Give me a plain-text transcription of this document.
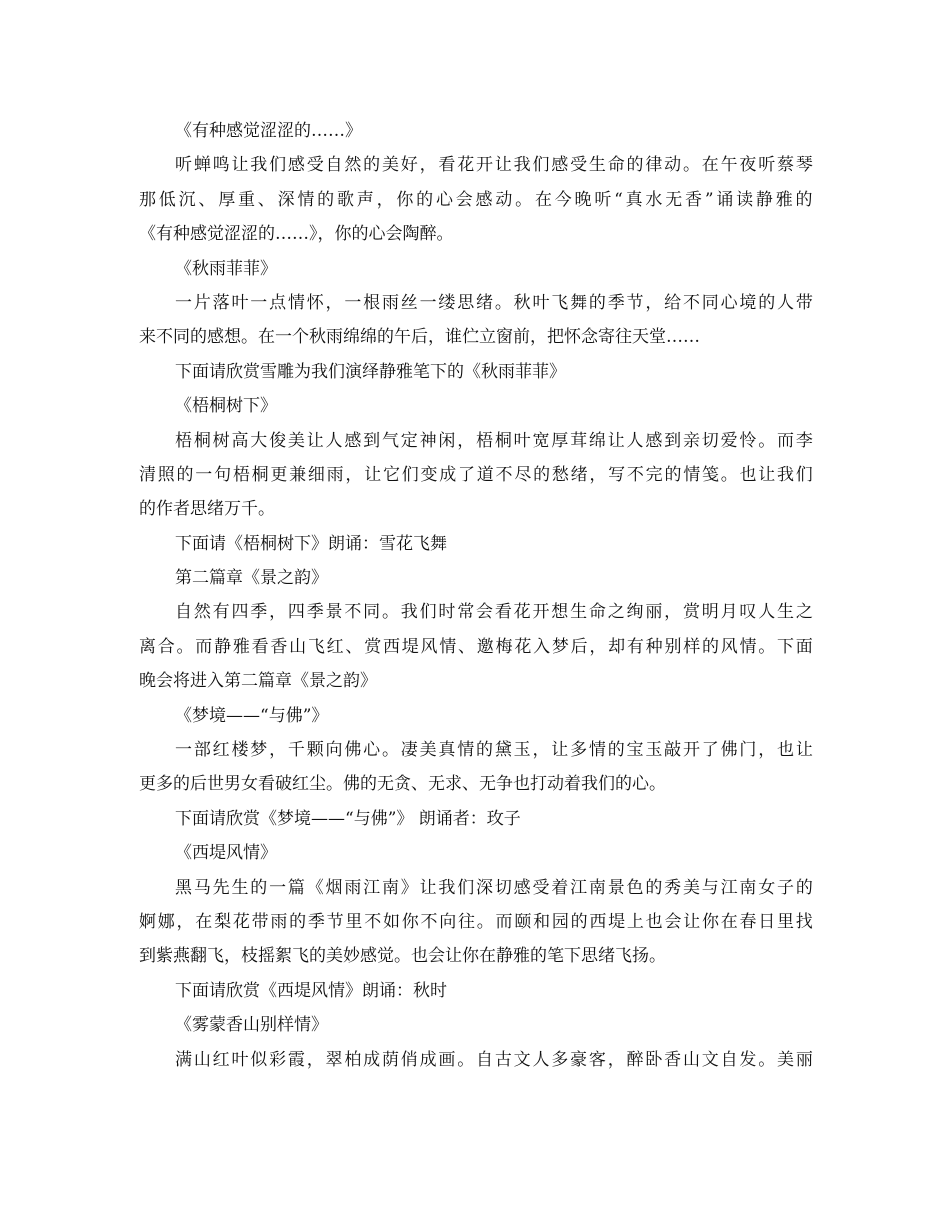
《有种感觉涩涩的……》
听 蝉 鸣 让 我 们 感 受 自 然 的 美 好 ， 看 花 开 让 我 们 感 受 生 命 的 律 动 。 在 午 夜 听 蔡 琴
那 低 沉 、 厚 重 、 深 情 的 歌 声 ， 你 的 心 会 感 动 。 在 今 晚 听 “ 真 水 无 香 ” 诵 读 静 雅 的
《有种感觉涩涩的……》，你的心会陶醉。
《秋雨菲菲》
一 片 落 叶 一 点 情 怀 ， 一 根 雨 丝 一 缕 思 绪 。 秋 叶 飞 舞 的 季 节 ， 给 不 同 心 境 的 人 带
来不同的感想。在一个秋雨绵绵的午后，谁伫立窗前，把怀念寄往天堂……
下面请欣赏雪雕为我们演绎静雅笔下的《秋雨菲菲》
《梧桐树下》
梧 桐 树 高 大 俊 美 让 人 感 到 气 定 神 闲 ， 梧 桐 叶 宽 厚 茸 绵 让 人 感 到 亲 切 爱 怜 。 而 李
清 照 的 一 句 梧 桐 更 兼 细 雨 ， 让 它 们 变 成 了 道 不 尽 的 愁 绪 ， 写 不 完 的 情 笺 。 也 让 我 们
的作者思绪万千。
下面请《梧桐树下》朗诵：雪花飞舞
第二篇章《景之韵》
自 然 有 四 季 ， 四 季 景 不 同 。 我 们 时 常 会 看 花 开 想 生 命 之 绚 丽 ， 赏 明 月 叹 人 生 之
离 合 。 而 静 雅 看 香 山 飞 红 、 赏 西 堤 风 情 、 邀 梅 花 入 梦 后 ， 却 有 种 别 样 的 风 情 。 下 面
晚会将进入第二篇章《景之韵》
《梦境——“与佛”》
一 部 红 楼 梦 ， 千 颗 向 佛 心 。 凄 美 真 情 的 黛 玉 ， 让 多 情 的 宝 玉 敲 开 了 佛 门 ， 也 让
更多的后世男女看破红尘。佛的无贪、无求、无争也打动着我们的心。
下面请欣赏《梦境——“与佛”》 朗诵者：玫子
《西堤风情》
黑 马 先 生 的 一 篇 《 烟 雨 江 南 》 让 我 们 深 切 感 受 着 江 南 景 色 的 秀 美 与 江 南 女 子 的
婀 娜 ， 在 梨 花 带 雨 的 季 节 里 不 如 你 不 向 往 。 而 颐 和 园 的 西 堤 上 也 会 让 你 在 春 日 里 找
到紫燕翻飞，枝摇絮飞的美妙感觉。也会让你在静雅的笔下思绪飞扬。
下面请欣赏《西堤风情》朗诵：秋时
《雾蒙香山别样情》
满 山 红 叶 似 彩 霞 ， 翠 柏 成 荫 俏 成 画 。 自 古 文 人 多 豪 客 ， 醉 卧 香 山 文 自 发 。 美 丽
